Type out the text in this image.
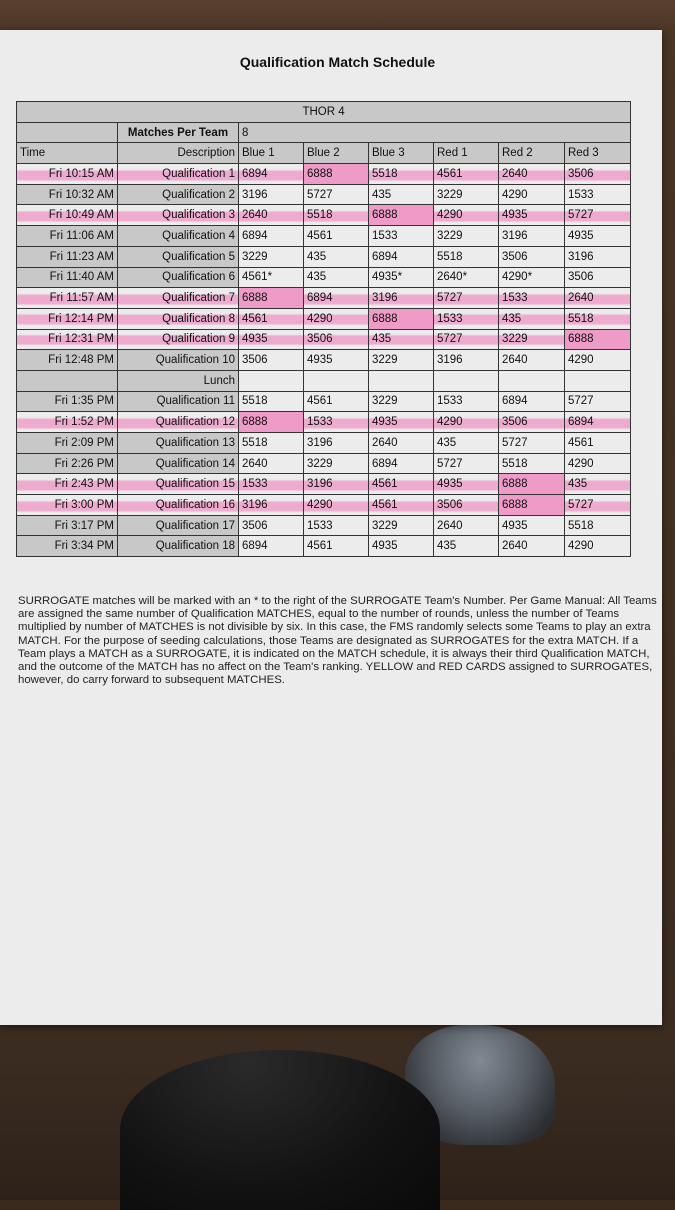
Qualification Match Schedule
THOR 4							
	Matches Per Team	8					
Time	Description	Blue 1	Blue 2	Blue 3	Red 1	Red 2	Red 3
Fri 10:15 AM	Qualification 1	6894	6888	5518	4561	2640	3506
Fri 10:32 AM	Qualification 2	3196	5727	435	3229	4290	1533
Fri 10:49 AM	Qualification 3	2640	5518	6888	4290	4935	5727
Fri 11:06 AM	Qualification 4	6894	4561	1533	3229	3196	4935
Fri 11:23 AM	Qualification 5	3229	435	6894	5518	3506	3196
Fri 11:40 AM	Qualification 6	4561*	435	4935*	2640*	4290*	3506
Fri 11:57 AM	Qualification 7	6888	6894	3196	5727	1533	2640
Fri 12:14 PM	Qualification 8	4561	4290	6888	1533	435	5518
Fri 12:31 PM	Qualification 9	4935	3506	435	5727	3229	6888
Fri 12:48 PM	Qualification 10	3506	4935	3229	3196	2640	4290
	Lunch						
Fri 1:35 PM	Qualification 11	5518	4561	3229	1533	6894	5727
Fri 1:52 PM	Qualification 12	6888	1533	4935	4290	3506	6894
Fri 2:09 PM	Qualification 13	5518	3196	2640	435	5727	4561
Fri 2:26 PM	Qualification 14	2640	3229	6894	5727	5518	4290
Fri 2:43 PM	Qualification 15	1533	3196	4561	4935	6888	435
Fri 3:00 PM	Qualification 16	3196	4290	4561	3506	6888	5727
Fri 3:17 PM	Qualification 17	3506	1533	3229	2640	4935	5518
Fri 3:34 PM	Qualification 18	6894	4561	4935	435	2640	4290
SURROGATE matches will be marked with an * to the right of the SURROGATE Team's Number. Per Game Manual: All Teams are assigned the same number of Qualification MATCHES, equal to the number of rounds, unless the number of Teams multiplied by number of MATCHES is not divisible by six. In this case, the FMS randomly selects some Teams to play an extra MATCH. For the purpose of seeding calculations, those Teams are designated as SURROGATES for the extra MATCH. If a Team plays a MATCH as a SURROGATE, it is indicated on the MATCH schedule, it is always their third Qualification MATCH, and the outcome of the MATCH has no affect on the Team's ranking. YELLOW and RED CARDS assigned to SURROGATES, however, do carry forward to subsequent MATCHES.
